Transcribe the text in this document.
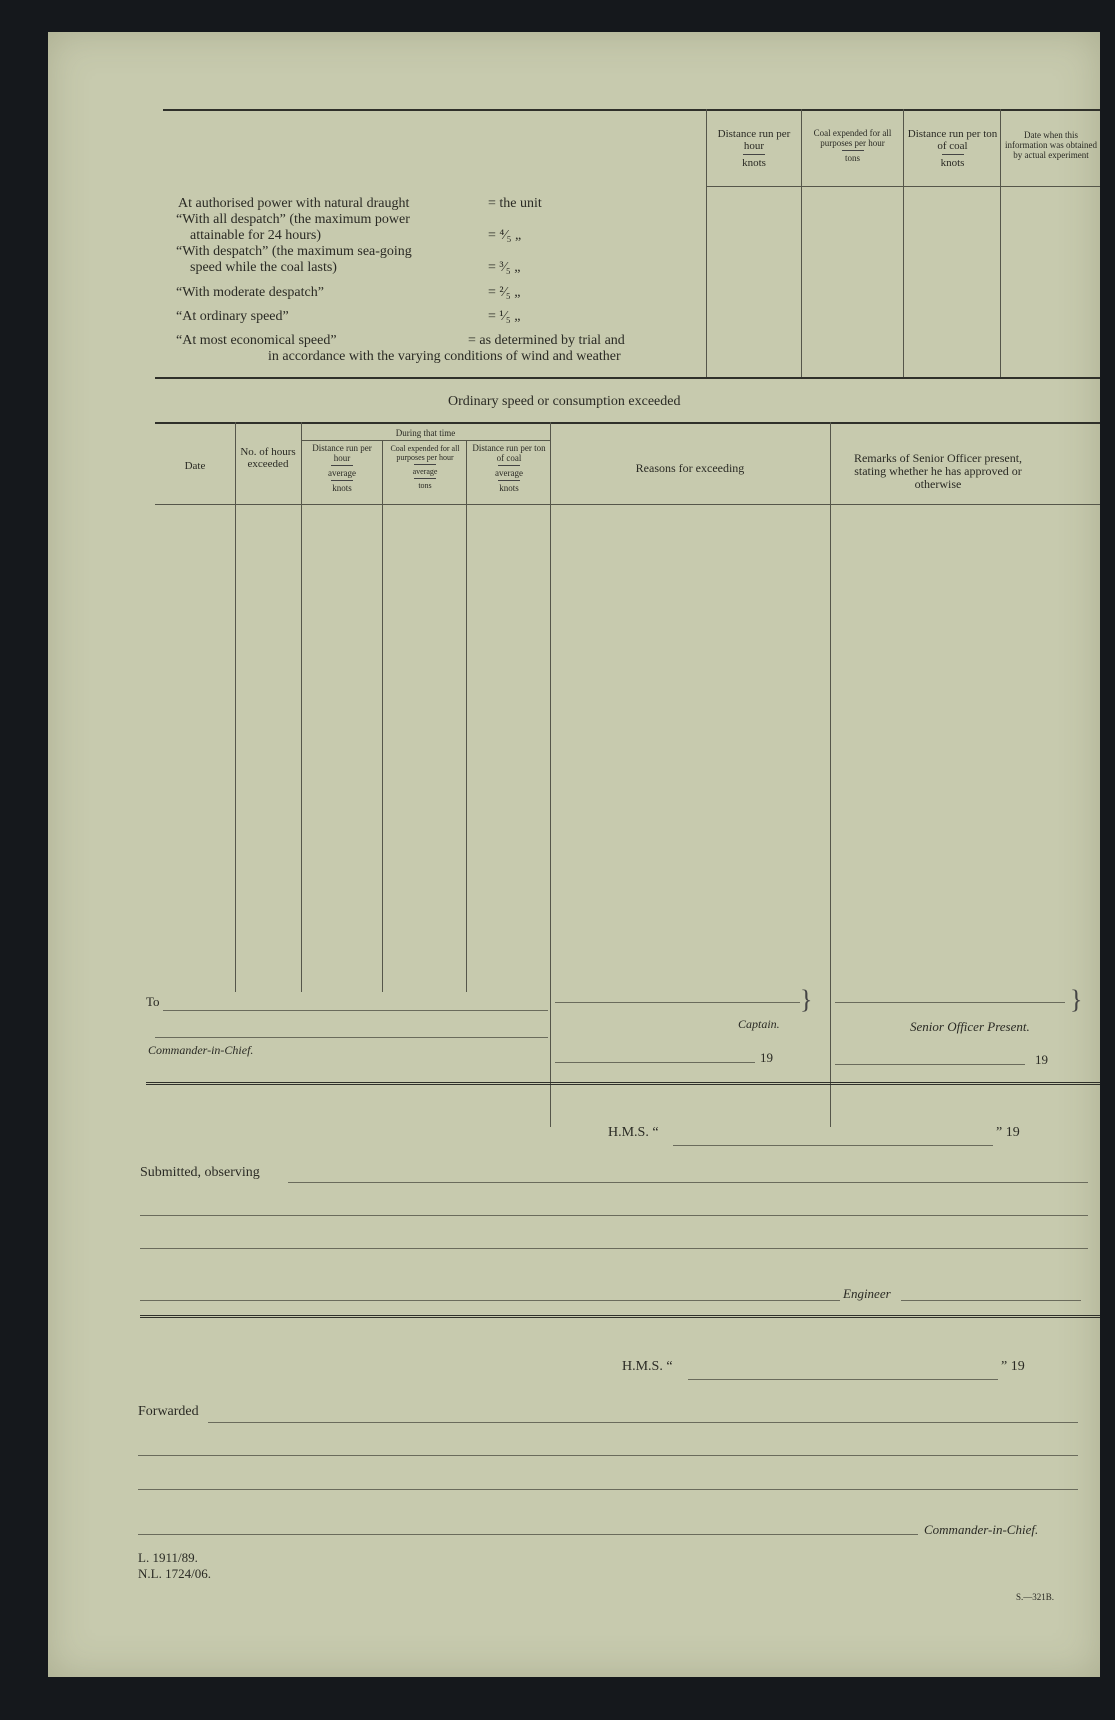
Distance run per hour
knots
Coal expended for all purposes per hour
tons
Distance run per ton of coal
knots
Date when this information was obtained by actual experiment
At authorised power with natural draught	= the unit
“With all despatch” (the maximum power
attainable for 24 hours)	= ⁴⁄₅ „
“With despatch” (the maximum sea-going
speed while the coal lasts)	= ³⁄₅ „
“With moderate despatch”	= ²⁄₅ „
“At ordinary speed”	= ¹⁄₅ „
“At most economical speed”	= as determined by trial and
in accordance with the varying conditions of wind and weather
Ordinary speed or consumption exceeded
Date
No. of hours exceeded
During that time
Distance run per hour
average
knots
Coal expended for all purposes per hour
average
tons
Distance run per ton of coal
average
knots
Reasons for exceeding
Remarks of Senior Officer present, stating whether he has approved or otherwise
To
Commander-in-Chief.
}
Captain.
19
}
Senior Officer Present.
19
H.M.S. “	” 19
Submitted, observing
Engineer
H.M.S. “	” 19
Forwarded
Commander-in-Chief.
L. 1911/89.
N.L. 1724/06.
S.—321B.
